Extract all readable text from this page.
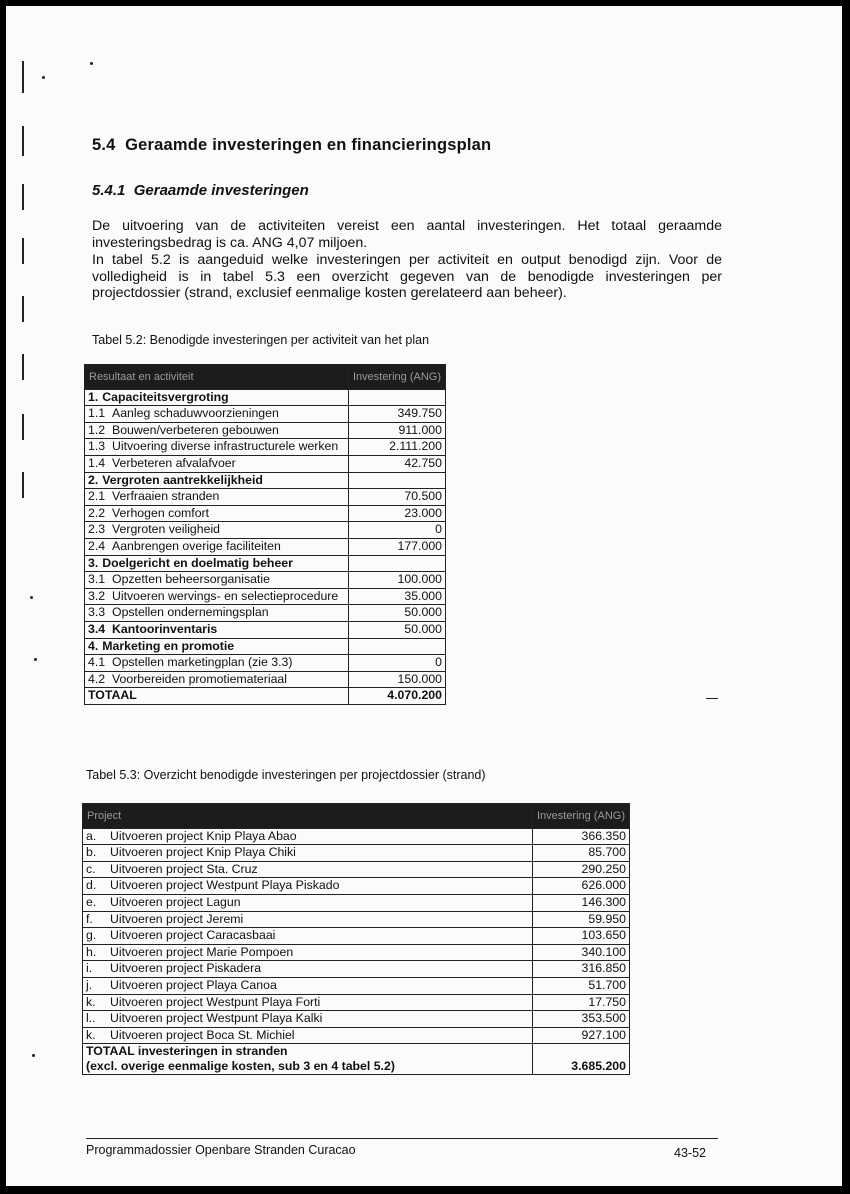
5.4 Geraamde investeringen en financieringsplan
5.4.1 Geraamde investeringen
De uitvoering van de activiteiten vereist een aantal investeringen. Het totaal geraamde investeringsbedrag is ca. ANG 4,07 miljoen.
In tabel 5.2 is aangeduid welke investeringen per activiteit en output benodigd zijn. Voor de volledigheid is in tabel 5.3 een overzicht gegeven van de benodigde investeringen per projectdossier (strand, exclusief eenmalige kosten gerelateerd aan beheer).
Tabel 5.2: Benodigde investeringen per activiteit van het plan
Resultaat en activiteit	Investering (ANG)
1. Capaciteitsvergroting	
1.1 Aanleg schaduwvoorzieningen	349.750
1.2 Bouwen/verbeteren gebouwen	911.000
1.3 Uitvoering diverse infrastructurele werken	2.111.200
1.4 Verbeteren afvalafvoer	42.750
2. Vergroten aantrekkelijkheid	
2.1 Verfraaien stranden	70.500
2.2 Verhogen comfort	23.000
2.3 Vergroten veiligheid	0
2.4 Aanbrengen overige faciliteiten	177.000
3. Doelgericht en doelmatig beheer	
3.1 Opzetten beheersorganisatie	100.000
3.2 Uitvoeren wervings- en selectieprocedure	35.000
3.3 Opstellen ondernemingsplan	50.000
3.4 Kantoorinventaris	50.000
4. Marketing en promotie	
4.1 Opstellen marketingplan (zie 3.3)	0
4.2 Voorbereiden promotiemateriaal	150.000
TOTAAL	4.070.200
Tabel 5.3: Overzicht benodigde investeringen per projectdossier (strand)
Project	Investering (ANG)
a. Uitvoeren project Knip Playa Abao	366.350
b. Uitvoeren project Knip Playa Chiki	85.700
c. Uitvoeren project Sta. Cruz	290.250
d. Uitvoeren project Westpunt Playa Piskado	626.000
e. Uitvoeren project Lagun	146.300
f. Uitvoeren project Jeremi	59.950
g. Uitvoeren project Caracasbaai	103.650
h. Uitvoeren project Marie Pompoen	340.100
i. Uitvoeren project Piskadera	316.850
j. Uitvoeren project Playa Canoa	51.700
k. Uitvoeren project Westpunt Playa Forti	17.750
l.. Uitvoeren project Westpunt Playa Kalki	353.500
k. Uitvoeren project Boca St. Michiel	927.100

TOTAAL investeringen in stranden
(excl. overige eenmalige kosten, sub 3 en 4 tabel 5.2)	3.685.200
Programmadossier Openbare Stranden Curacao	43-52
